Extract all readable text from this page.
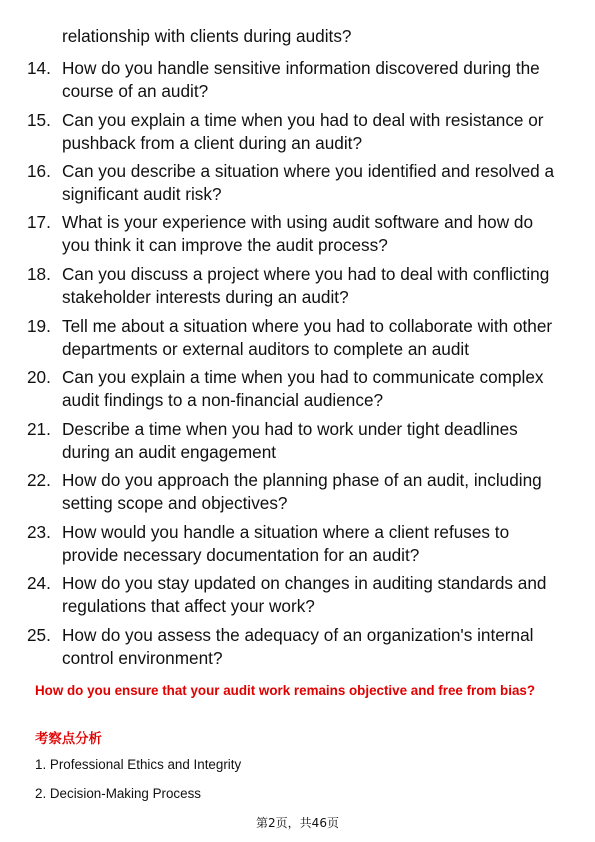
relationship with clients during audits?
14. How do you handle sensitive information discovered during the course of an audit?
15. Can you explain a time when you had to deal with resistance or pushback from a client during an audit?
16. Can you describe a situation where you identified and resolved a significant audit risk?
17. What is your experience with using audit software and how do you think it can improve the audit process?
18. Can you discuss a project where you had to deal with conflicting stakeholder interests during an audit?
19. Tell me about a situation where you had to collaborate with other departments or external auditors to complete an audit
20. Can you explain a time when you had to communicate complex audit findings to a non-financial audience?
21. Describe a time when you had to work under tight deadlines during an audit engagement
22. How do you approach the planning phase of an audit, including setting scope and objectives?
23. How would you handle a situation where a client refuses to provide necessary documentation for an audit?
24. How do you stay updated on changes in auditing standards and regulations that affect your work?
25. How do you assess the adequacy of an organization's internal control environment?
How do you ensure that your audit work remains objective and free from bias?
考察点分析
1. Professional Ethics and Integrity
2. Decision-Making Process
第2页，共46页
